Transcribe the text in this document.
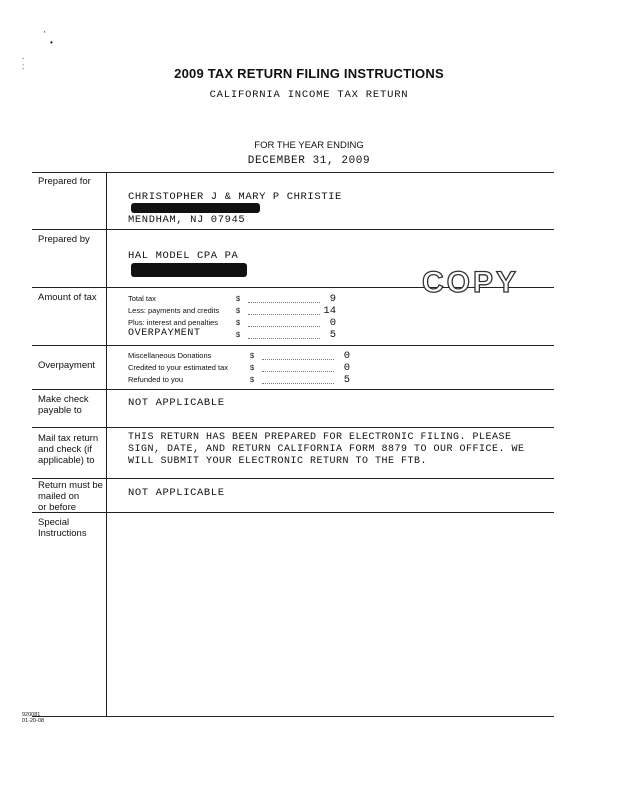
'
•
.
:	2009 TAX RETURN FILING INSTRUCTIONS
CALIFORNIA INCOME TAX RETURN
FOR THE YEAR ENDING
DECEMBER 31, 2009
Prepared for
CHRISTOPHER J & MARY P CHRISTIE
MENDHAM, NJ 07945
Prepared by
HAL MODEL CPA PA
COPY
Amount of tax	Total tax	$	9
Less: payments and credits $	14
Plus: interest and penalties $	0
OVERPAYMENT	$	5
Overpayment
Miscellaneous Donations	$	0
Credited to your estimated tax	$	0
Refunded to you	$	5
Make check
payable to
NOT APPLICABLE
Mail tax return
and check (if
applicable) to
THIS RETURN HAS BEEN PREPARED FOR ELECTRONIC FILING. PLEASE
SIGN, DATE, AND RETURN CALIFORNIA FORM 8879 TO OUR OFFICE. WE
WILL SUBMIT YOUR ELECTRONIC RETURN TO THE FTB.
Return must be
mailed on
or before
NOT APPLICABLE
Special
Instructions
920081
01-20-08
